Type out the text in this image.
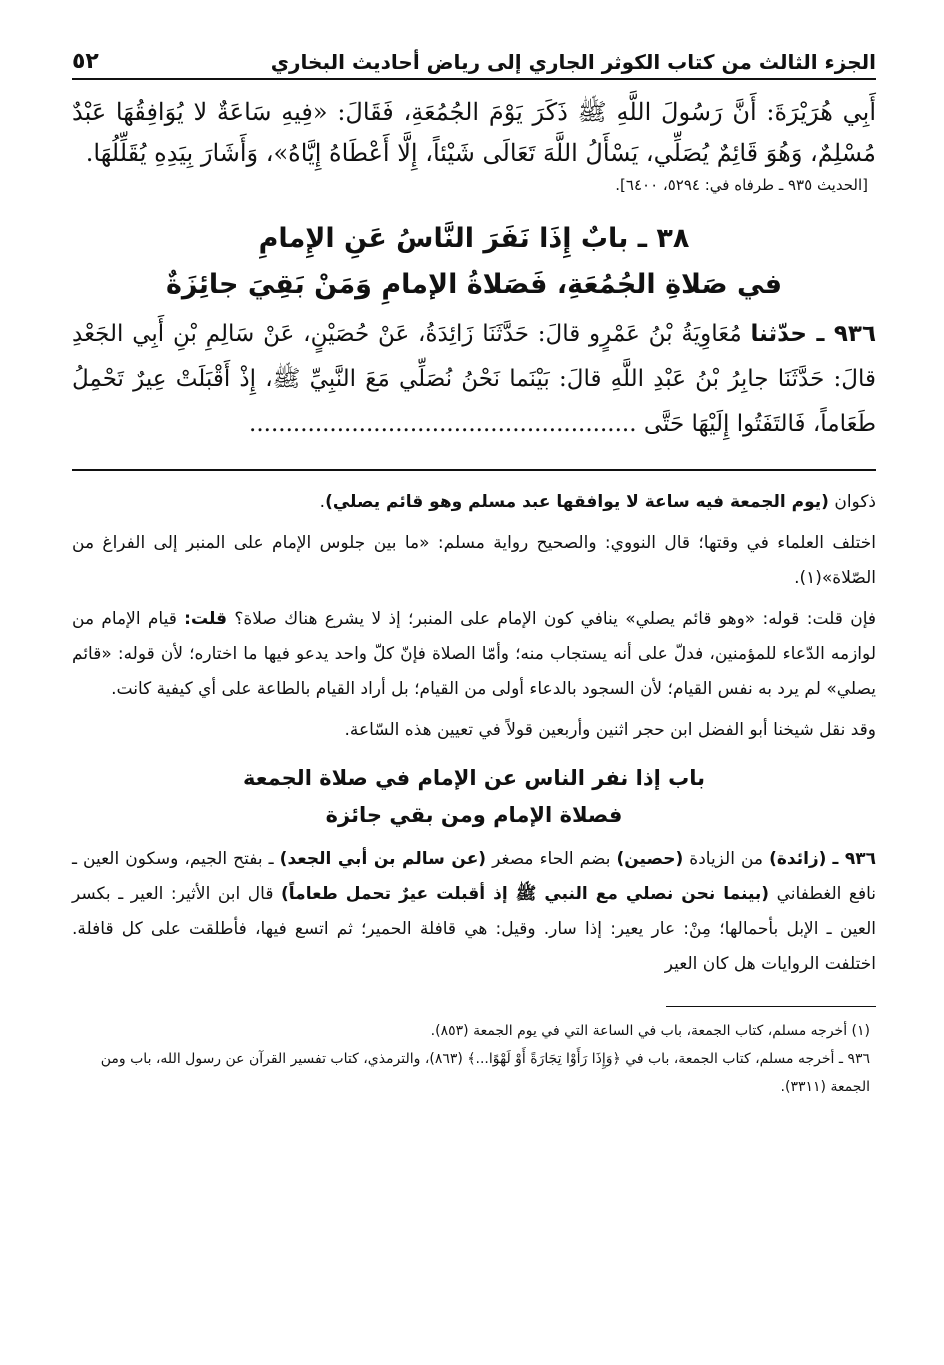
الجزء الثالث من كتاب الكوثر الجاري إلى رياض أحاديث البخاري
٥٢
أَبِي هُرَيْرَةَ: أَنَّ رَسُولَ اللَّهِ ﷺ ذَكَرَ يَوْمَ الجُمُعَةِ، فَقَالَ: «فِيهِ سَاعَةٌ لا يُوَافِقُهَا عَبْدٌ مُسْلِمٌ، وَهُوَ قَائِمٌ يُصَلِّي، يَسْأَلُ اللَّهَ تَعَالَى شَيْئاً، إِلَّا أَعْطَاهُ إِيَّاهُ»، وَأَشَارَ بِيَدِهِ يُقَلِّلُهَا.
[الحديث ٩٣٥ ـ طرفاه في: ٥٢٩٤، ٦٤٠٠].
٣٨ ـ بابٌ إِذَا نَفَرَ النَّاسُ عَنِ الإِمامِ
في صَلاةِ الجُمُعَةِ، فَصَلاةُ الإمامِ وَمَنْ بَقِيَ جائِزَةٌ
٩٣٦ ـ حدّثنا مُعَاوِيَةُ بْنُ عَمْرٍو قالَ: حَدَّثَنَا زَائِدَةُ، عَنْ حُصَيْنٍ، عَنْ سَالِمِ بْنِ أَبِي الجَعْدِ قالَ: حَدَّثَنَا جابِرُ بْنُ عَبْدِ اللَّهِ قالَ: بَيْنَما نَحْنُ نُصَلِّي مَعَ النَّبِيِّ ﷺ، إِذْ أَقْبَلَتْ عِيرٌ تَحْمِلُ طَعَاماً، فَالتَفَتُوا إِلَيْهَا حَتَّى .....................................................

ذكوان (يوم الجمعة فيه ساعة لا يوافقها عبد مسلم وهو قائم يصلي).

اختلف العلماء في وقتها؛ قال النووي: والصحيح رواية مسلم: «ما بين جلوس الإمام على المنبر إلى الفراغ من الصّلاة»(١).

فإن قلت: قوله: «وهو قائم يصلي» ينافي كون الإمام على المنبر؛ إذ لا يشرع هناك صلاة؟ قلت: قيام الإمام من لوازمه الدّعاء للمؤمنين، فدلّ على أنه يستجاب منه؛ وأمّا الصلاة فإنّ كلّ واحد يدعو فيها ما اختاره؛ لأن قوله: «قائم يصلي» لم يرد به نفس القيام؛ لأن السجود بالدعاء أولى من القيام؛ بل أراد القيام بالطاعة على أي كيفية كانت.

وقد نقل شيخنا أبو الفضل ابن حجر اثنين وأربعين قولاً في تعيين هذه السّاعة.

باب إذا نفر الناس عن الإمام في صلاة الجمعة
فصلاة الإمام ومن بقي جائزة

٩٣٦ ـ (زائدة) من الزيادة (حصين) بضم الحاء مصغر (عن سالم بن أبي الجعد) ـ بفتح الجيم، وسكون العين ـ نافع الغطفاني (بينما نحن نصلي مع النبي ﷺ إذ أقبلت عيرٌ تحمل طعاماً) قال ابن الأثير: العير ـ بكسر العين ـ الإبل بأحمالها؛ مِنْ: عار يعير: إذا سار. وقيل: هي قافلة الحمير؛ ثم اتسع فيها، فأطلقت على كل قافلة. اختلفت الروايات هل كان العير

(١) أخرجه مسلم، كتاب الجمعة، باب في الساعة التي في يوم الجمعة (٨٥٣).

٩٣٦ ـ أخرجه مسلم، كتاب الجمعة، باب في ﴿وَإِذَا رَأَوْا تِجَارَةً أَوْ لَهْوًا...﴾ (٨٦٣)، والترمذي، كتاب تفسير القرآن عن رسول الله، باب ومن الجمعة (٣٣١١).
